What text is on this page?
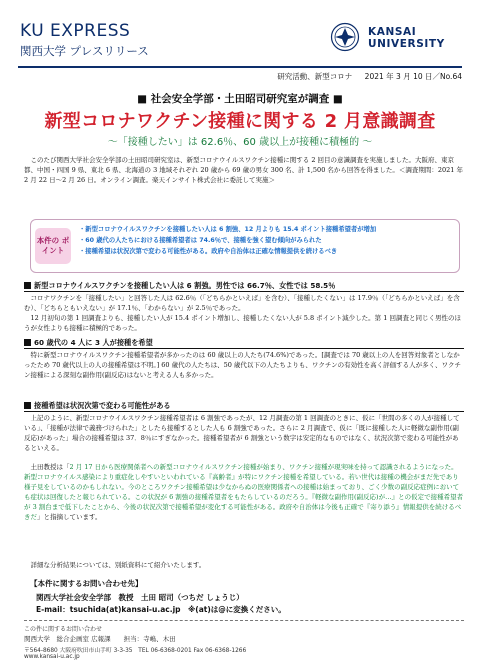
KU EXPRESS
関西大学 プレスリリース
KANSAI
UNIVERSITY
研究活動、新型コロナ 2021 年 3 月 10 日／No.64
■ 社会安全学部・土田昭司研究室が調査 ■
新型コロナワクチン接種に関する 2 月意識調査
～「接種したい」は 62.6％、60 歳以上が接種に積極的 ～

このたび関西大学社会安全学部の土田昭司研究室は、新型コロナウイルスワクチン接種に関する 2 回目の意識調査を実施しました。大阪府、東京都、中国・四国 9 県、東北 6 県、北海道の 3 地域それぞれ 20 歳から 69 歳の男女 300 名、計 1,500 名から回答を得ました。＜調査期間：2021 年 2 月 22 日～2 月 26 日。オンライン調査。楽天インサイト株式会社に委託して実施＞

本件の ポイント
・ 新型コロナウイルスワクチンを接種したい人は 6 割強、12 月よりも 15.4 ポイント接種希望者が増加
・ 60 歳代の人たちにおける接種希望者は 74.6％で、接種を強く望む傾向がみられた
・ 接種希望は状況次第で変わる可能性がある。政府や自治体は正確な情報提供を続けるべき
新型コロナウイルスワクチンを接種したい人は 6 割強。男性では 66.7％、女性では 58.5％

コロナワクチンを「接種したい」と回答した人は 62.6％（「どちらかといえば」を含む）、「接種したくない」は 17.9％（「どちらかといえば」を含む）、「どちらともいえない」が 17.1％、「わからない」が 2.5％であった。

12 月初旬の第 1 回調査よりも、接種したい人が 15.4 ポイント増加し、接種したくない人が 5.8 ポイント減少した。第 1 回調査と同じく男性のほうが女性よりも接種に積極的であった。

60 歳代の 4 人に 3 人が接種を希望

特に新型コロナウイルスワクチン接種希望者が多かったのは 60 歳以上の人たち(74.6%)であった。[調査では 70 歳以上の人を回答対象者としなかったため 70 歳代以上の人の接種希望は不明。] 60 歳代の人たちは、50 歳代以下の人たちよりも、ワクチンの有効性を高く評価する人が多く、ワクチン接種による深刻な副作用(副反応)はないと考える人も多かった。

接種希望は状況次第で変わる可能性がある

上記のように、新型コロナウイルスワクチン接種希望者は 6 割強であったが、12 月調査の第 1 回調査のときに、仮に「世間の多くの人が接種している」、「接種が法律で義務づけられた」としたら接種するとした人も 6 割強であった。さらに 2 月調査で、仮に「既に接種した人に軽微な副作用(副反応)があった」場合の接種希望は 37．8％にすぎなかった。接種希望者が 6 割強という数字は安定的なものではなく、状況次第で変わる可能性があるといえる。

土田教授は「2 月 17 日から医療関係者への新型コロナウイルスワクチン接種が始まり、ワクチン接種が現実味を持って認識されるようになった。新型コロナウイルス感染により重症化しやすいといわれている『高齢者』が特にワクチン接種を希望している。若い世代は接種の機会がまだ先であり様子見をしているのかもしれない。今のところワクチン接種希望は少なからぬの医療関係者への接種は始まっており、ごく少数の副反応症例においても症状は回復したと報じられている。この状況が 6 割強の接種希望者をもたらしているのだろう。『軽微な副作用(副反応)が…』との仮定で接種希望者が 3 割台まで低下したことから、今後の状況次第で接種希望が変化する可能性がある。政府や自治体は今後も正確で『寄り添う』情報提供を続けるべきだ」と指摘しています。

詳細な分析結果については、別紙資料にて紹介いたします。

【本件に関するお問い合わせ先】
関西大学社会安全学部　教授　土田 昭司（つちだ しょうじ）
E-mail：tsuchida(at)kansai-u.ac.jp　※(at)は@に変換ください。
この件に関するお問い合わせ
関西大学　総合企画室 広報課　　担当：寺嶋、木田
〒564-8680 大阪府吹田市山手町 3-3-35　TEL 06-6368-0201 Fax 06-6368-1266
www.kansai-u.ac.jp
